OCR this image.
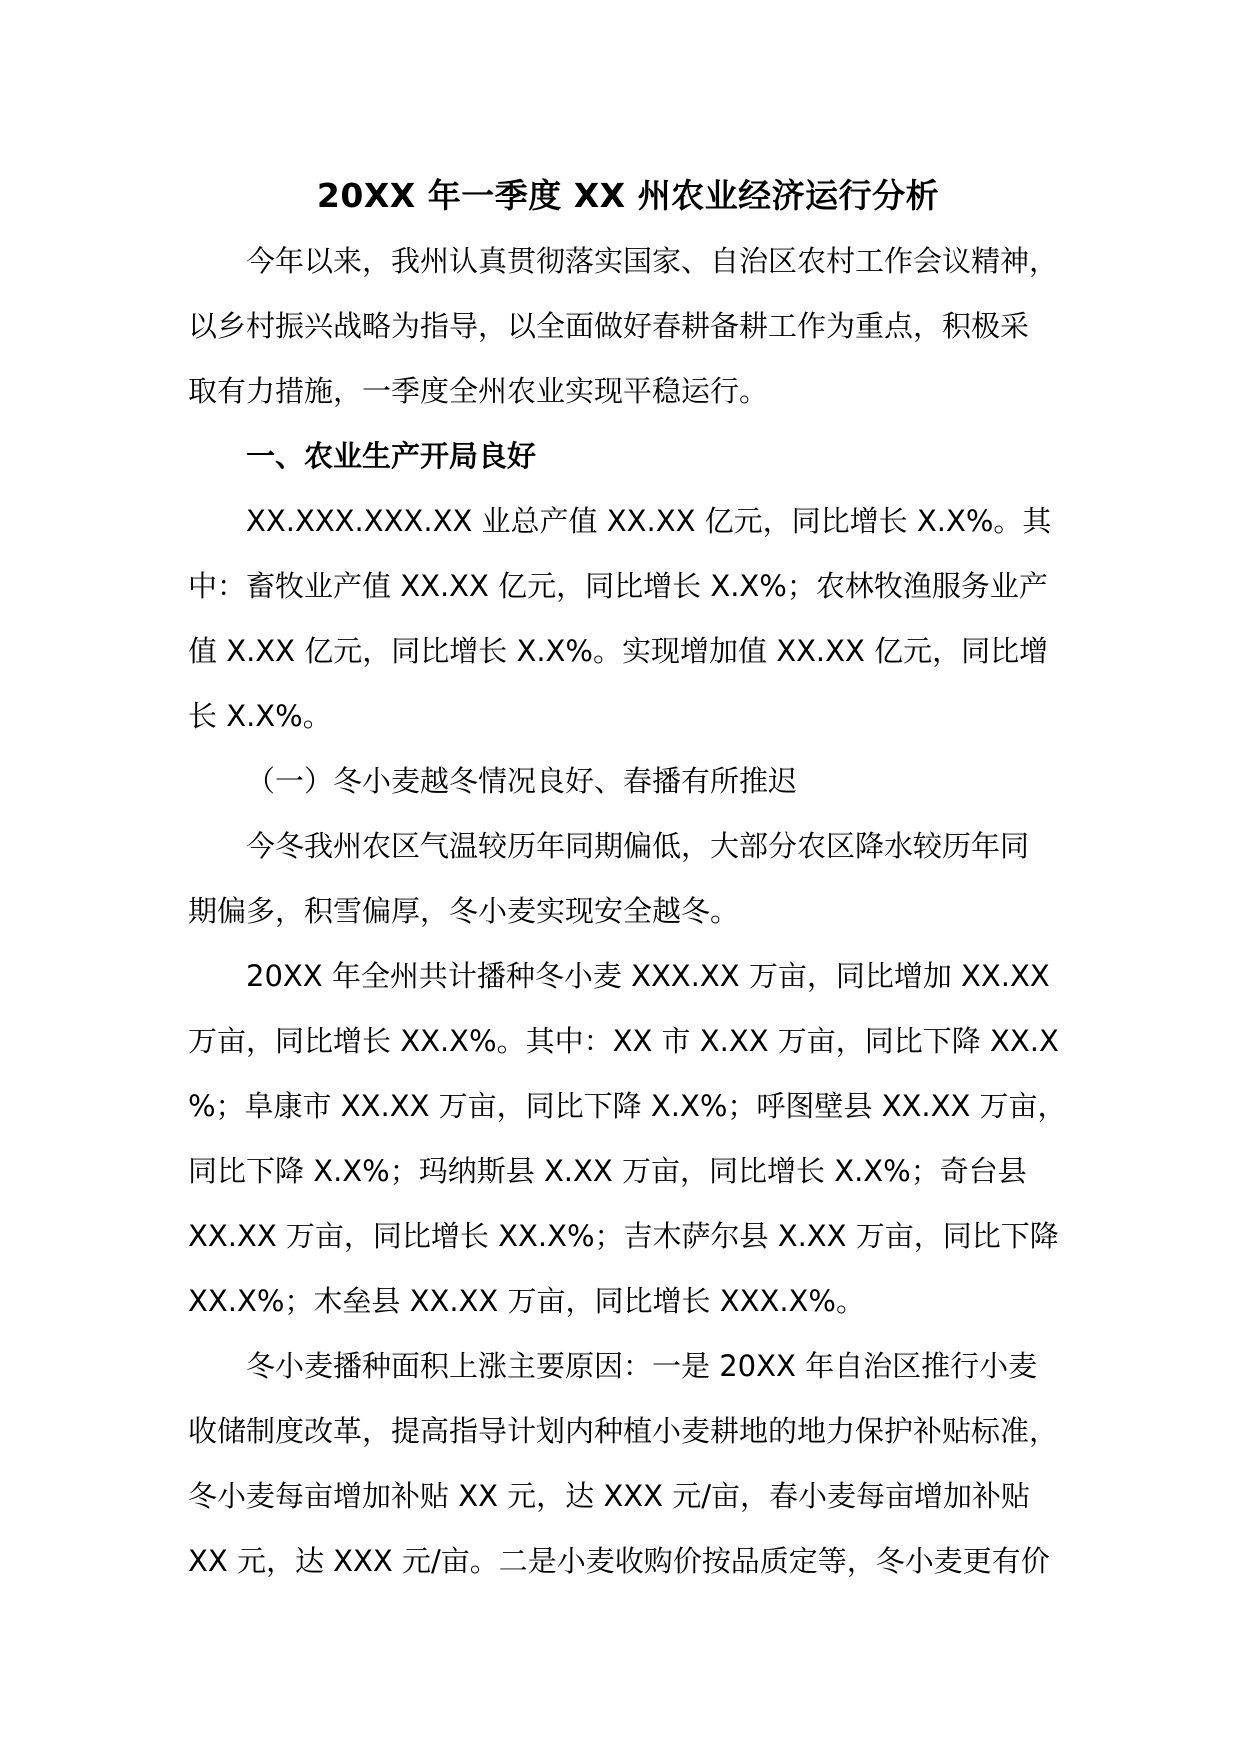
20XX 年一季度 XX 州农业经济运行分析
今年以来，我州认真贯彻落实国家、自治区农村工作会议精神，
以乡村振兴战略为指导，以全面做好春耕备耕工作为重点，积极采
取有力措施，一季度全州农业实现平稳运行。
一、农业生产开局良好
XX.XXX.XXX.XX 业总产值 XX.XX 亿元，同比增长 X.X%。其
中：畜牧业产值 XX.XX 亿元，同比增长 X.X%；农林牧渔服务业产
值 X.XX 亿元，同比增长 X.X%。实现增加值 XX.XX 亿元，同比增
长 X.X%。
（一）冬小麦越冬情况良好、春播有所推迟
今冬我州农区气温较历年同期偏低，大部分农区降水较历年同
期偏多，积雪偏厚，冬小麦实现安全越冬。
20XX 年全州共计播种冬小麦 XXX.XX 万亩，同比增加 XX.XX
万亩，同比增长 XX.X%。其中：XX 市 X.XX 万亩，同比下降 XX.X
%；阜康市 XX.XX 万亩，同比下降 X.X%；呼图壁县 XX.XX 万亩，
同比下降 X.X%；玛纳斯县 X.XX 万亩，同比增长 X.X%；奇台县
XX.XX 万亩，同比增长 XX.X%；吉木萨尔县 X.XX 万亩，同比下降
XX.X%；木垒县 XX.XX 万亩，同比增长 XXX.X%。
冬小麦播种面积上涨主要原因：一是 20XX 年自治区推行小麦
收储制度改革，提高指导计划内种植小麦耕地的地力保护补贴标准，
冬小麦每亩增加补贴 XX 元，达 XXX 元/亩，春小麦每亩增加补贴
XX 元，达 XXX 元/亩。二是小麦收购价按品质定等，冬小麦更有价
